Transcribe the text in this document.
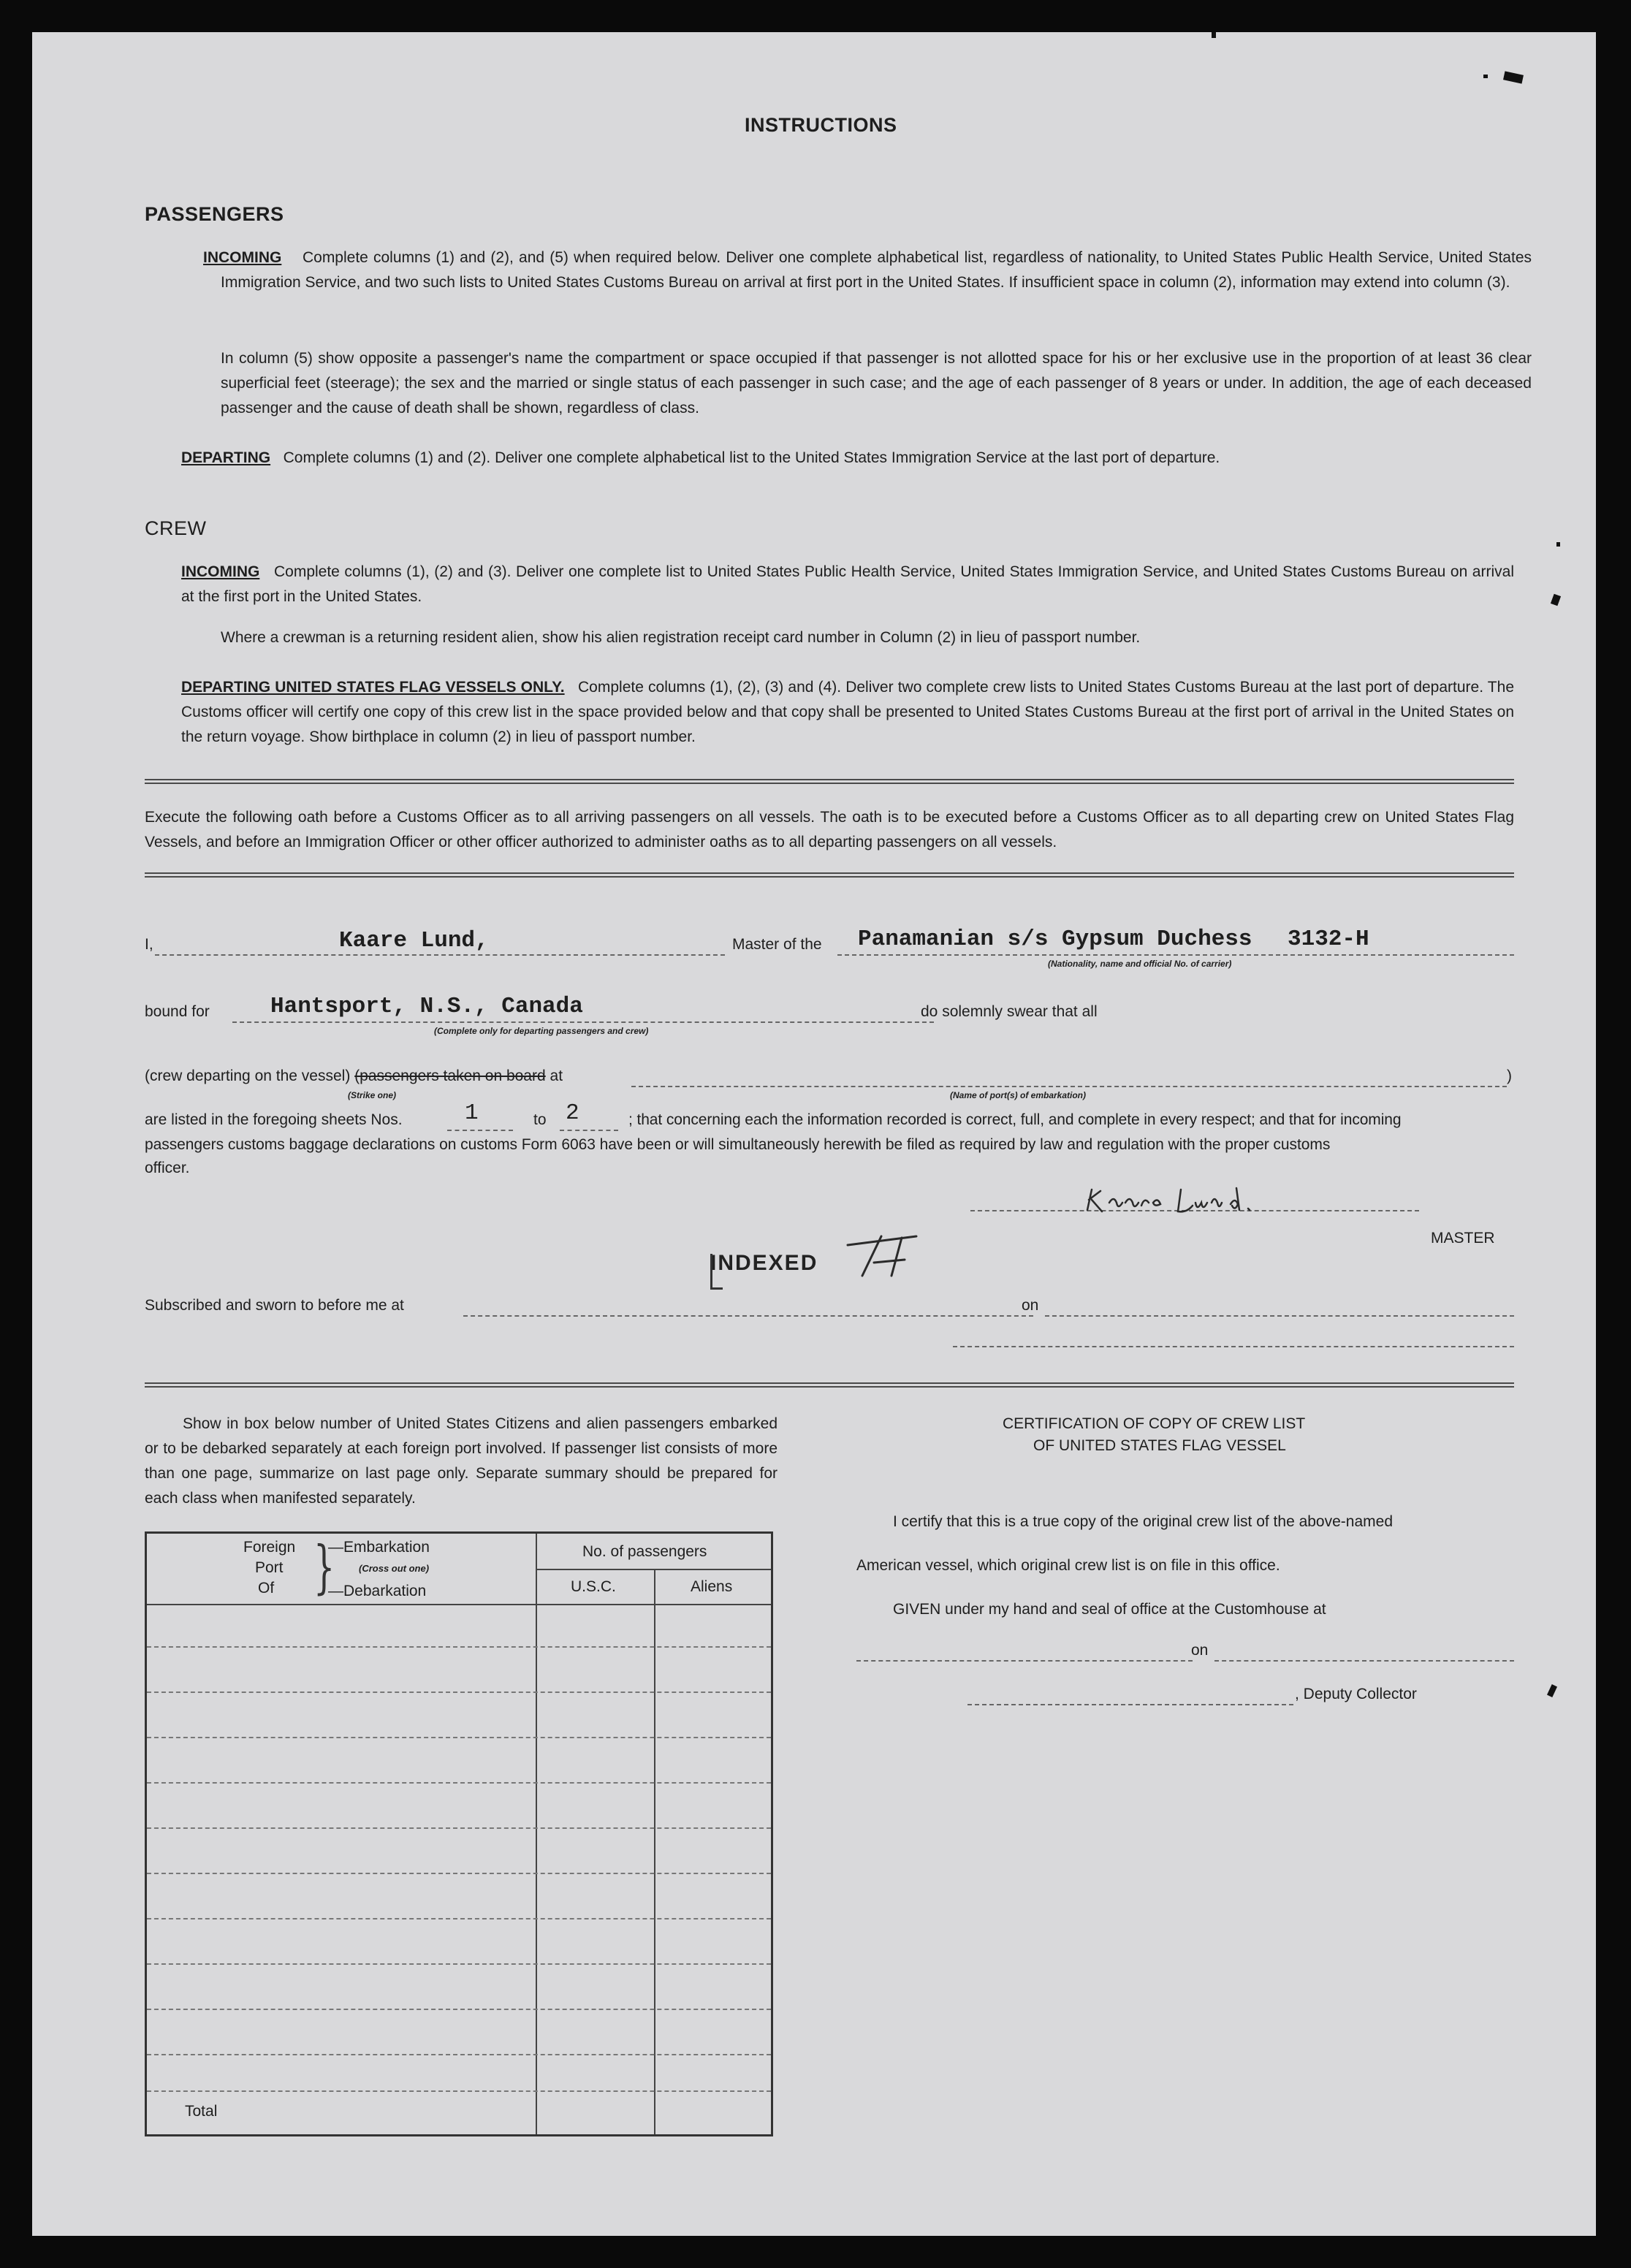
INSTRUCTIONS
PASSENGERS
INCOMING Complete columns (1) and (2), and (5) when required below. Deliver one complete alphabetical list, regardless of nationality, to United States Public Health Service, United States Immigration Service, and two such lists to United States Customs Bureau on arrival at first port in the United States. If insufficient space in column (2), information may extend into column (3).
In column (5) show opposite a passenger's name the compartment or space occupied if that passenger is not allotted space for his or her exclusive use in the proportion of at least 36 clear superficial feet (steerage); the sex and the married or single status of each passenger in such case; and the age of each passenger of 8 years or under. In addition, the age of each deceased passenger and the cause of death shall be shown, regardless of class.
DEPARTING Complete columns (1) and (2). Deliver one complete alphabetical list to the United States Immigration Service at the last port of departure.
CREW
INCOMING Complete columns (1), (2) and (3). Deliver one complete list to United States Public Health Service, United States Immigration Service, and United States Customs Bureau on arrival at the first port in the United States.
Where a crewman is a returning resident alien, show his alien registration receipt card number in Column (2) in lieu of passport number.
DEPARTING UNITED STATES FLAG VESSELS ONLY. Complete columns (1), (2), (3) and (4). Deliver two complete crew lists to United States Customs Bureau at the last port of departure. The Customs officer will certify one copy of this crew list in the space provided below and that copy shall be presented to United States Customs Bureau at the first port of arrival in the United States on the return voyage. Show birthplace in column (2) in lieu of passport number.
Execute the following oath before a Customs Officer as to all arriving passengers on all vessels. The oath is to be executed before a Customs Officer as to all departing crew on United States Flag Vessels, and before an Immigration Officer or other officer authorized to administer oaths as to all departing passengers on all vessels.
I,	Kaare Lund,	Master of the Panamanian s/s Gypsum Duchess 3132-H
(Nationality, name and official No. of carrier)
bound for	Hantsport, N.S., Canada
(Complete only for departing passengers and crew)
do solemnly swear that all
(crew departing on the vessel) (passengers taken on board at	)
(Strike one)	(Name of port(s) of embarkation)
are listed in the foregoing sheets Nos.	1	to 2	; that concerning each the information recorded is correct, full, and complete in every respect; and that for incoming
passengers customs baggage declarations on customs Form 6063 have been or will simultaneously herewith be filed as required by law and regulation with the proper customs
officer.
MASTER
INDEXED
Subscribed and sworn to before me at	on
Show in box below number of United States Citizens and alien passengers embarked or to be debarked separately at each foreign port involved. If passenger list consists of more than one page, summarize on last page only. Separate summary should be prepared for each class when manifested separately.
Foreign
Port
Of }
—Embarkation
(Cross out one)
—Debarkation
No. of passengers
U.S.C.	Aliens
Total
CERTIFICATION OF COPY OF CREW LIST
OF UNITED STATES FLAG VESSEL
I certify that this is a true copy of the original crew list of the above-named
American vessel, which original crew list is on file in this office.
GIVEN under my hand and seal of office at the Customhouse at
on
, Deputy Collector
